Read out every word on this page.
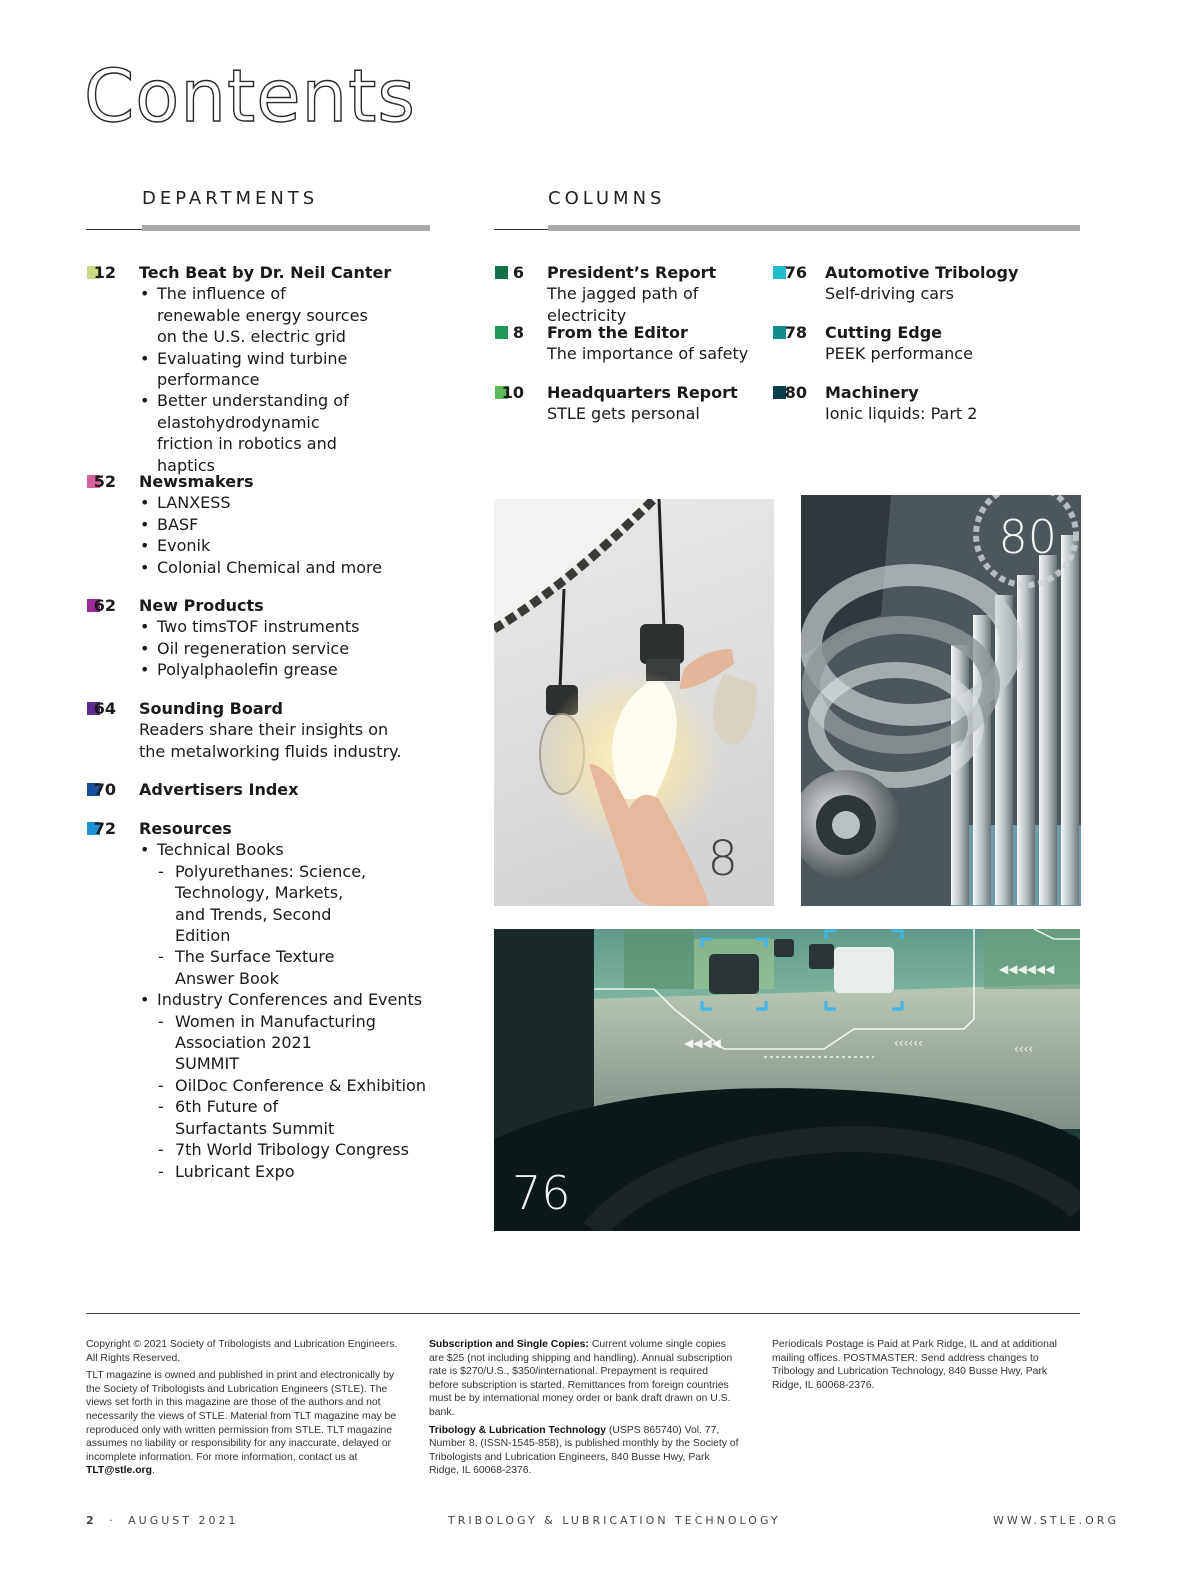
Contents
DEPARTMENTS	COLUMNS
12 Tech Beat by Dr. Neil Canter
• The influence of renewable energy sources on the U.S. electric grid
• Evaluating wind turbine performance
• Better understanding of elastohydrodynamic friction in robotics and haptics
52 Newsmakers
• LANXESS
• BASF
• Evonik
• Colonial Chemical and more
62 New Products
• Two timsTOF instruments
• Oil regeneration service
• Polyalphaolefin grease
64 Sounding Board
Readers share their insights on the metalworking fluids industry.
70 Advertisers Index
72 Resources
• Technical Books
- Polyurethanes: Science, Technology, Markets, and Trends, Second Edition
- The Surface Texture Answer Book
• Industry Conferences and Events
- Women in Manufacturing Association 2021 SUMMIT
- OilDoc Conference & Exhibition
- 6th Future of Surfactants Summit
- 7th World Tribology Congress
- Lubricant Expo
6 President’s Report
The jagged path of electricity
8 From the Editor
The importance of safety
10 Headquarters Report
STLE gets personal
76 Automotive Tribology
Self-driving cars
78 Cutting Edge
PEEK performance
80 Machinery
Ionic liquids: Part 2
8
80
◀◀◀◀	‹‹‹‹‹‹	‹‹‹‹
◀◀◀◀◀◀
76

Copyright © 2021 Society of Tribologists and Lubrication Engineers. All Rights Reserved.

TLT magazine is owned and published in print and electronically by the Society of Tribologists and Lubrication Engineers (STLE). The views set forth in this magazine are those of the authors and not necessarily the views of STLE. Material from TLT magazine may be reproduced only with written permission from STLE. TLT magazine assumes no liability or responsibility for any inaccurate, delayed or incomplete information. For more information, contact us at TLT@stle.org.

Subscription and Single Copies: Current volume single copies are $25 (not including shipping and handling). Annual subscription rate is $270/U.S., $350/international. Prepayment is required before subscription is started. Remittances from foreign countries must be by international money order or bank draft drawn on U.S. bank.

Tribology & Lubrication Technology (USPS 865740) Vol. 77, Number 8, (ISSN-1545-858), is published monthly by the Society of Tribologists and Lubrication Engineers, 840 Busse Hwy, Park Ridge, IL 60068-2376.

Periodicals Postage is Paid at Park Ridge, IL and at additional mailing offices. POSTMASTER: Send address changes to Tribology and Lubrication Technology, 840 Busse Hwy, Park Ridge, IL 60068-2376.

2 · AUGUST 2021	TRIBOLOGY & LUBRICATION TECHNOLOGY	WWW.STLE.ORG
